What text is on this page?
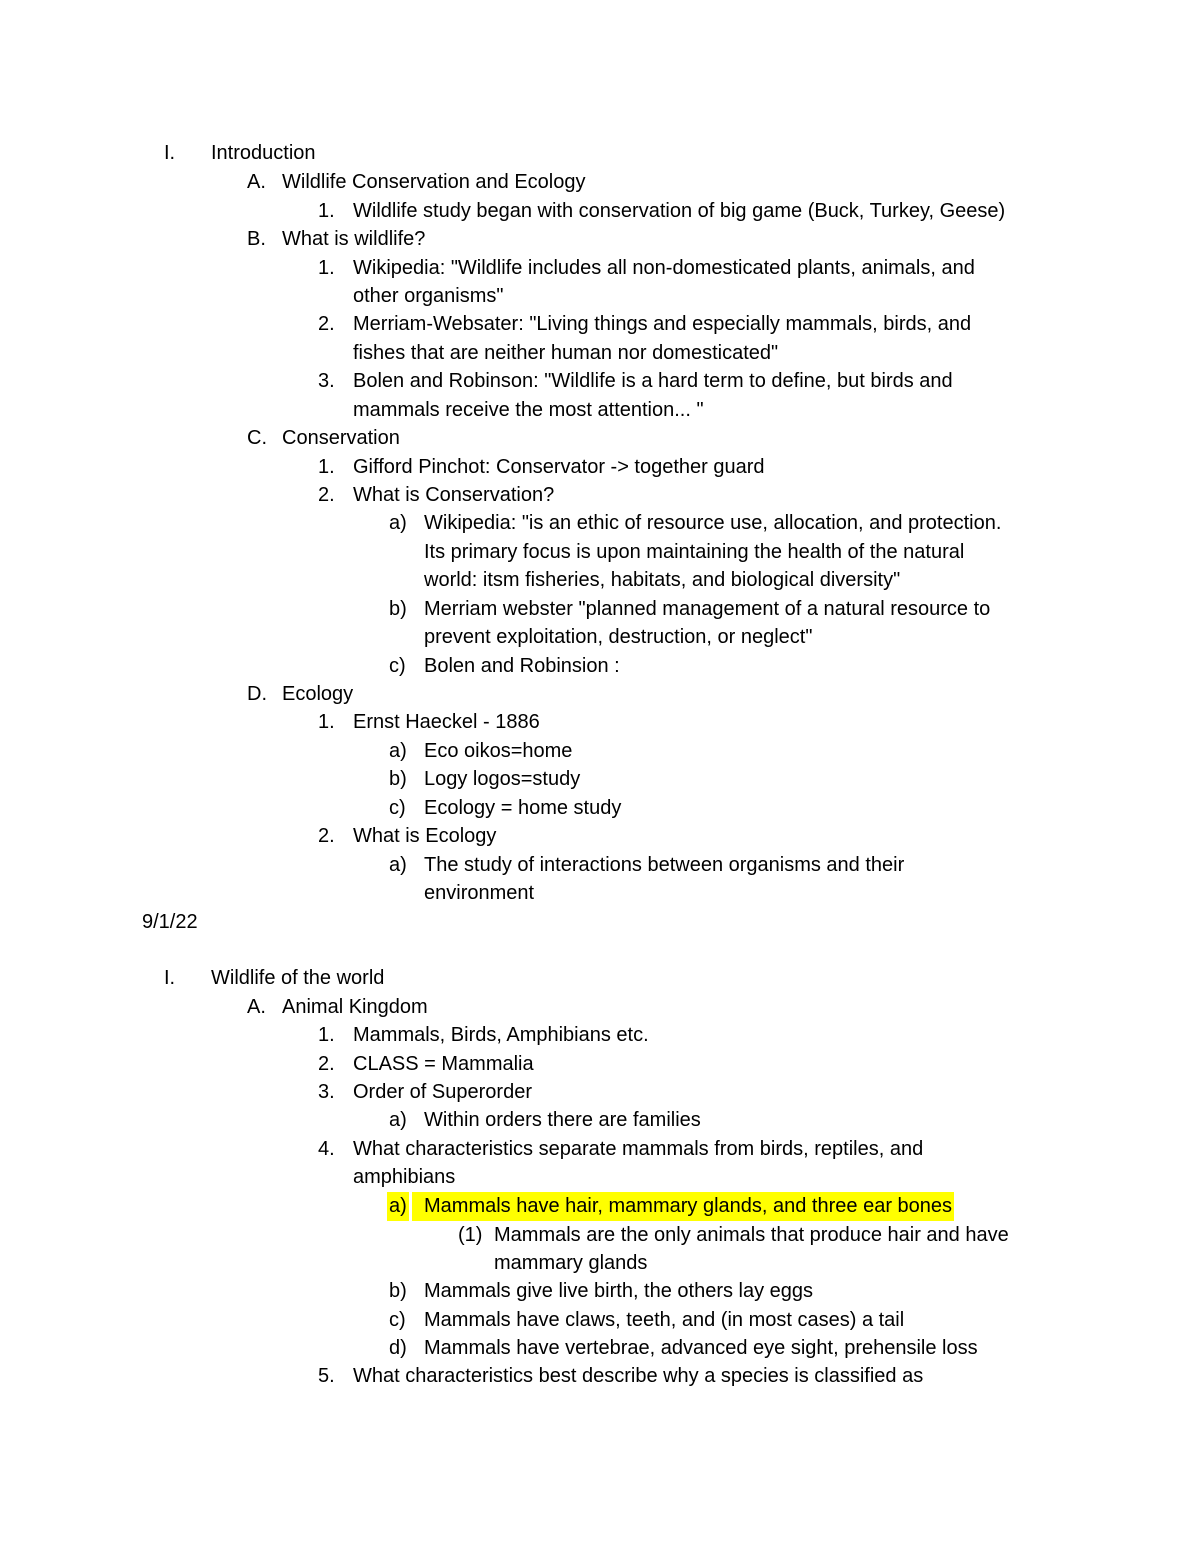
I. Introduction
A. Wildlife Conservation and Ecology
1. Wildlife study began with conservation of big game (Buck, Turkey, Geese)
B. What is wildlife?
1. Wikipedia: "Wildlife includes all non-domesticated plants, animals, and
other organisms"
2. Merriam-Websater: "Living things and especially mammals, birds, and
fishes that are neither human nor domesticated"
3. Bolen and Robinson: "Wildlife is a hard term to define, but birds and
mammals receive the most attention... "
C. Conservation
1. Gifford Pinchot: Conservator -> together guard
2. What is Conservation?
a) Wikipedia: "is an ethic of resource use, allocation, and protection.
Its primary focus is upon maintaining the health of the natural
world: itsm fisheries, habitats, and biological diversity"
b) Merriam webster "planned management of a natural resource to
prevent exploitation, destruction, or neglect"
c) Bolen and Robinsion :
D. Ecology
1. Ernst Haeckel - 1886
a) Eco oikos=home
b) Logy logos=study
c) Ecology = home study
2. What is Ecology
a) The study of interactions between organisms and their
environment
9/1/22
I. Wildlife of the world
A. Animal Kingdom
1. Mammals, Birds, Amphibians etc.
2. CLASS = Mammalia
3. Order of Superorder
a) Within orders there are families
4. What characteristics separate mammals from birds, reptiles, and
amphibians
a) Mammals have hair, mammary glands, and three ear bones
(1) Mammals are the only animals that produce hair and have
mammary glands
b) Mammals give live birth, the others lay eggs
c) Mammals have claws, teeth, and (in most cases) a tail
d) Mammals have vertebrae, advanced eye sight, prehensile loss
5. What characteristics best describe why a species is classified as
